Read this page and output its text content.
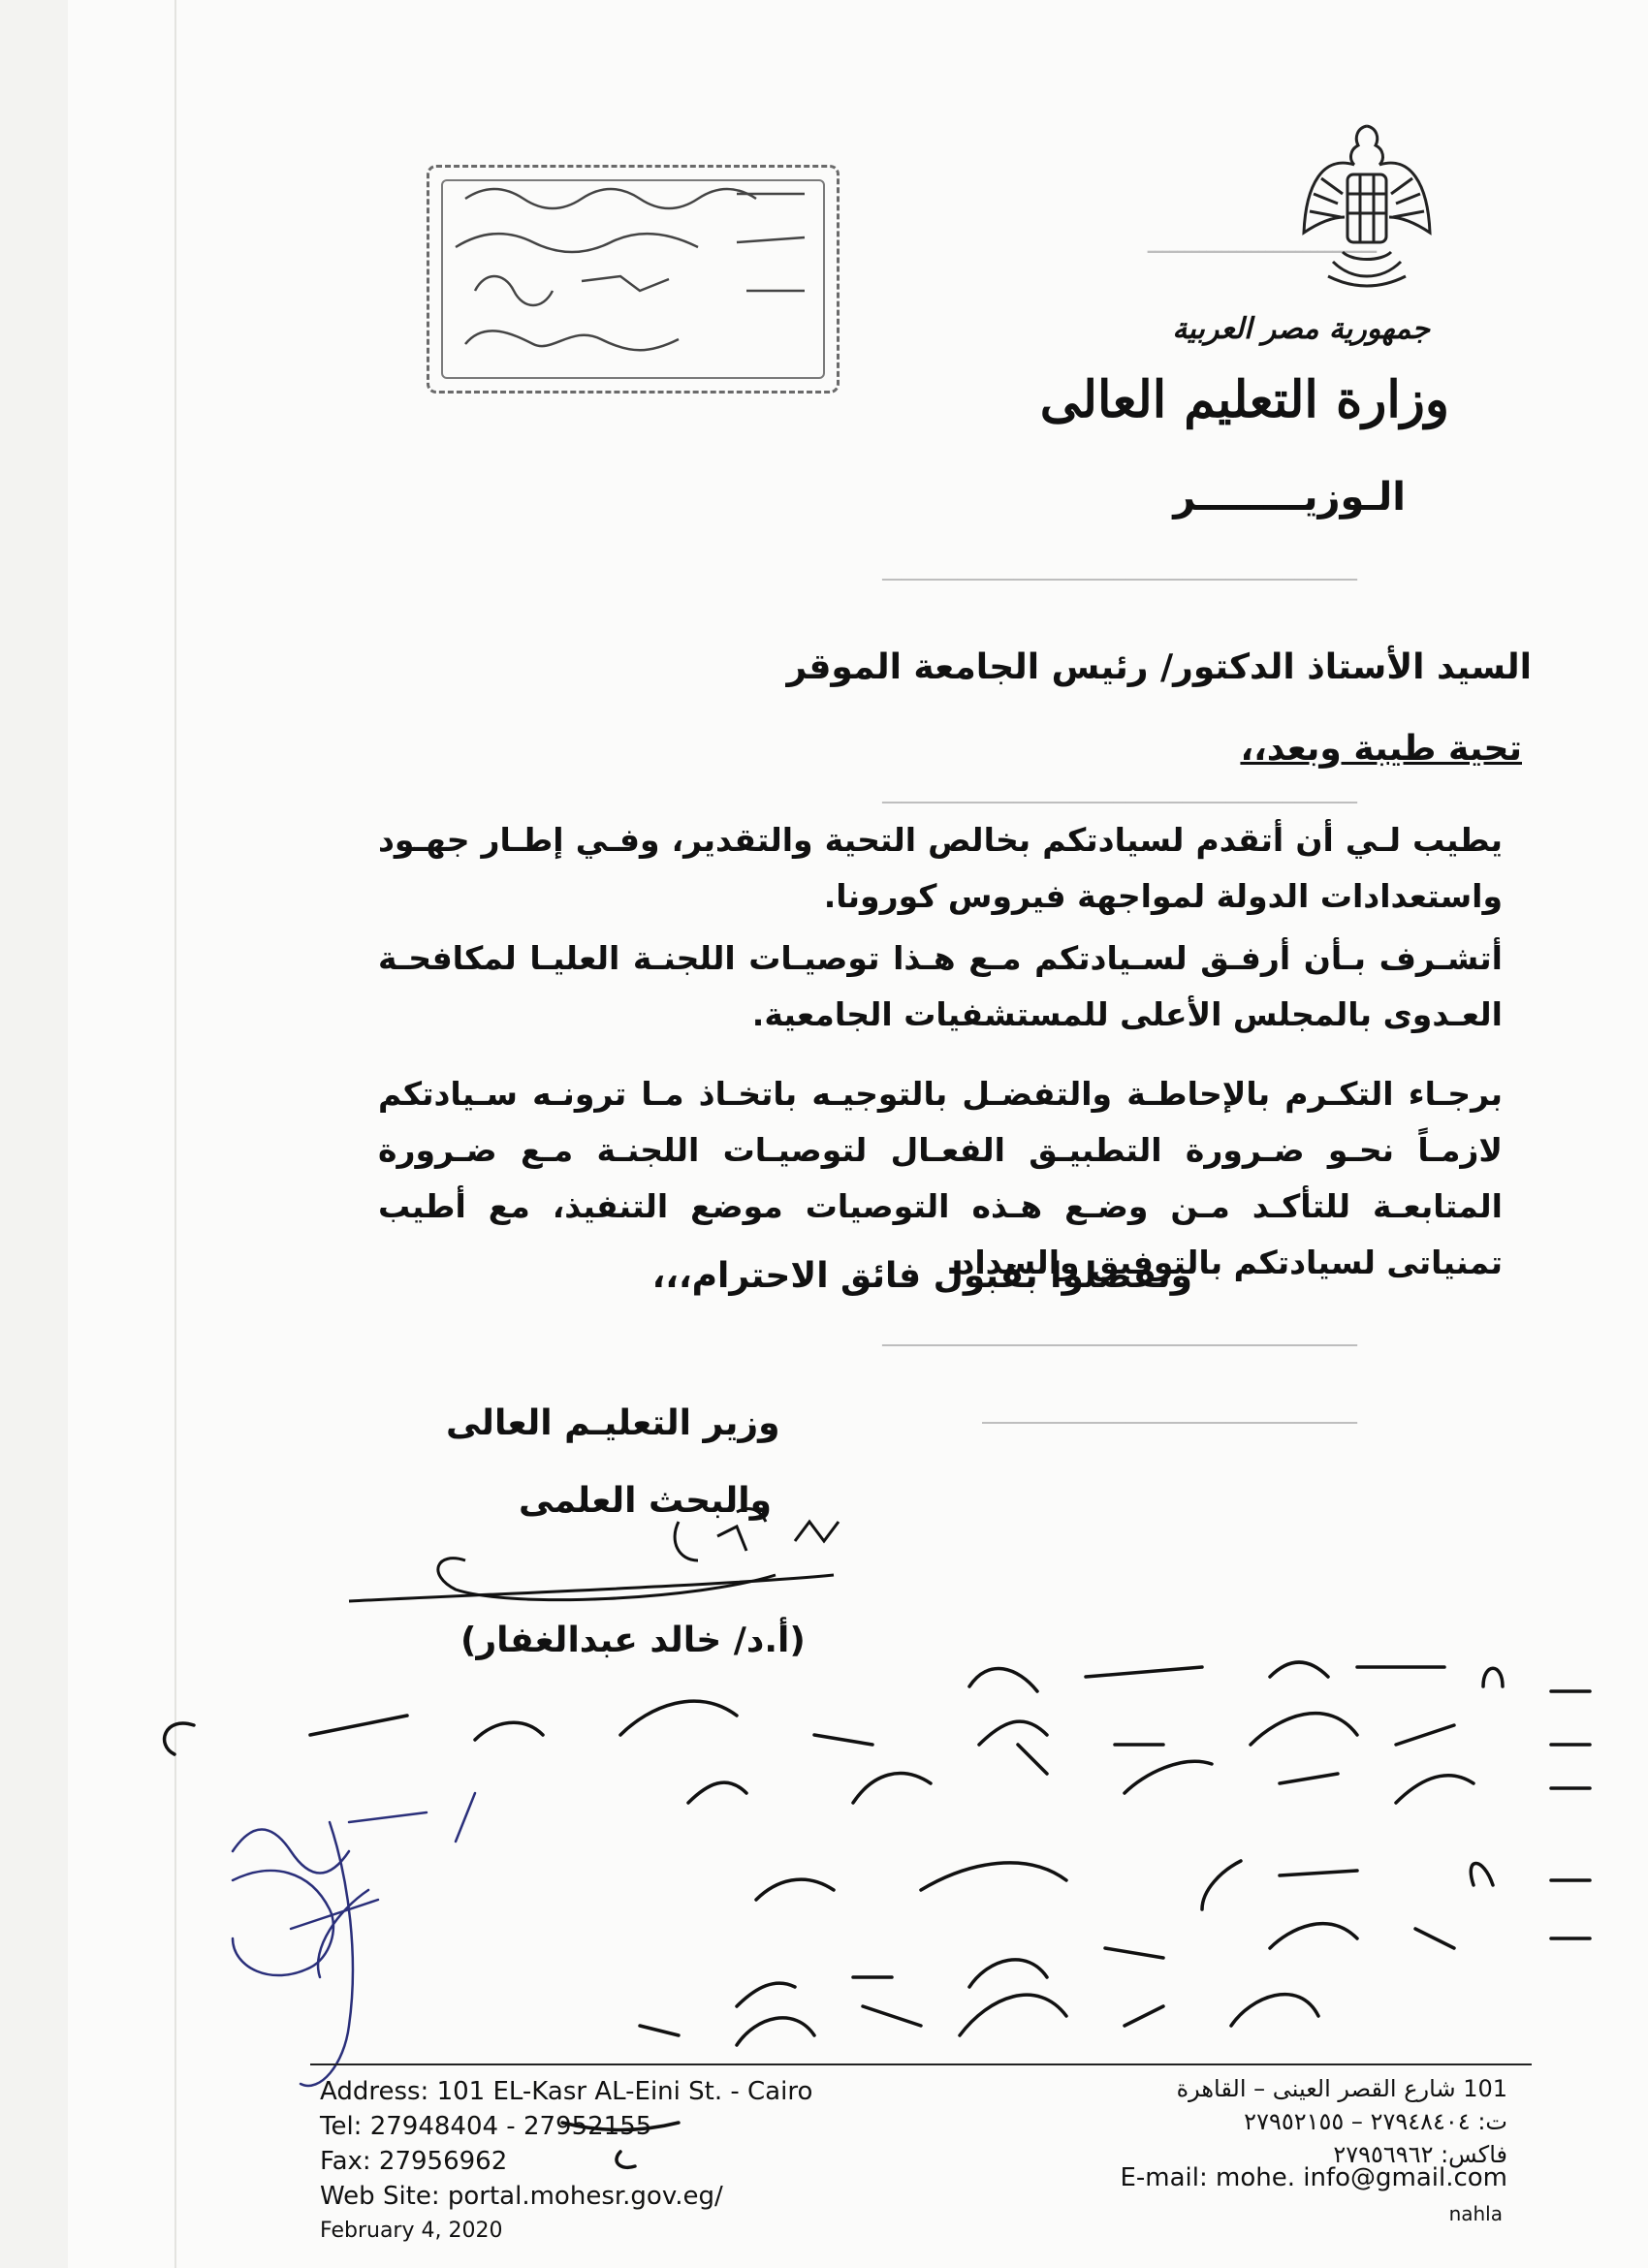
ـــــــــــــــــــــــــــــــ
ــــــــــــــــــــــــــــــــــــــــــــــــــــــــــــــــــــــــــــ
ــــــــــــــــــــــــــــــــــــــــــــــــــــــــــــــــــــــــــــ
ــــــــــــــــــــــــــــــــــــــــــــــــــــــــــــــــــــــــــــ
ــــــــــــــــــــــــــــــــــــــــــــــــــــــــــــ
جمهورية مصر العربية
وزارة التعليم العالى
الـوزيــــــــر
السيد الأستاذ الدكتور/ رئيس الجامعة
الموقر
تحية طيبة وبعد،،
يطيب لـي أن أتقدم لسيادتكم بخالص التحية والتقدير، وفـي إطـار جهـود واستعدادات الدولة لمواجهة فيروس كورونا.
أتشـرف بـأن أرفـق لسـيادتكم مـع هـذا توصيـات اللجنـة العليـا لمكافحـة العـدوى بالمجلس الأعلى للمستشفيات الجامعية.
برجـاء التكـرم بالإحاطـة والتفضـل بالتوجيـه باتخـاذ مـا ترونـه سـيادتكم لازمـاً نحـو ضـرورة التطبيـق الفعـال لتوصيـات اللجنـة مـع ضـرورة المتابعـة للتأكـد مـن وضـع هـذه التوصيات موضع التنفيذ، مع أطيب تمنياتى لسيادتكم بالتوفيق والسداد.
وتفضلوا بقبول فائق الاحترام،،،
وزير التعليـم العالى
والبحث العلمى
(أ.د/ خالد عبدالغفار)
Address: 101 EL-Kasr AL-Eini St. - Cairo
Tel: 27948404 - 27952155
Fax: 27956962
Web Site: portal.mohesr.gov.eg/
February 4, 2020
101 شارع القصر العينى – القاهرة
ت: ٢٧٩٤٨٤٠٤ – ٢٧٩٥٢١٥٥
فاكس: ٢٧٩٥٦٩٦٢
E-mail: mohe. info@gmail.com
nahla
